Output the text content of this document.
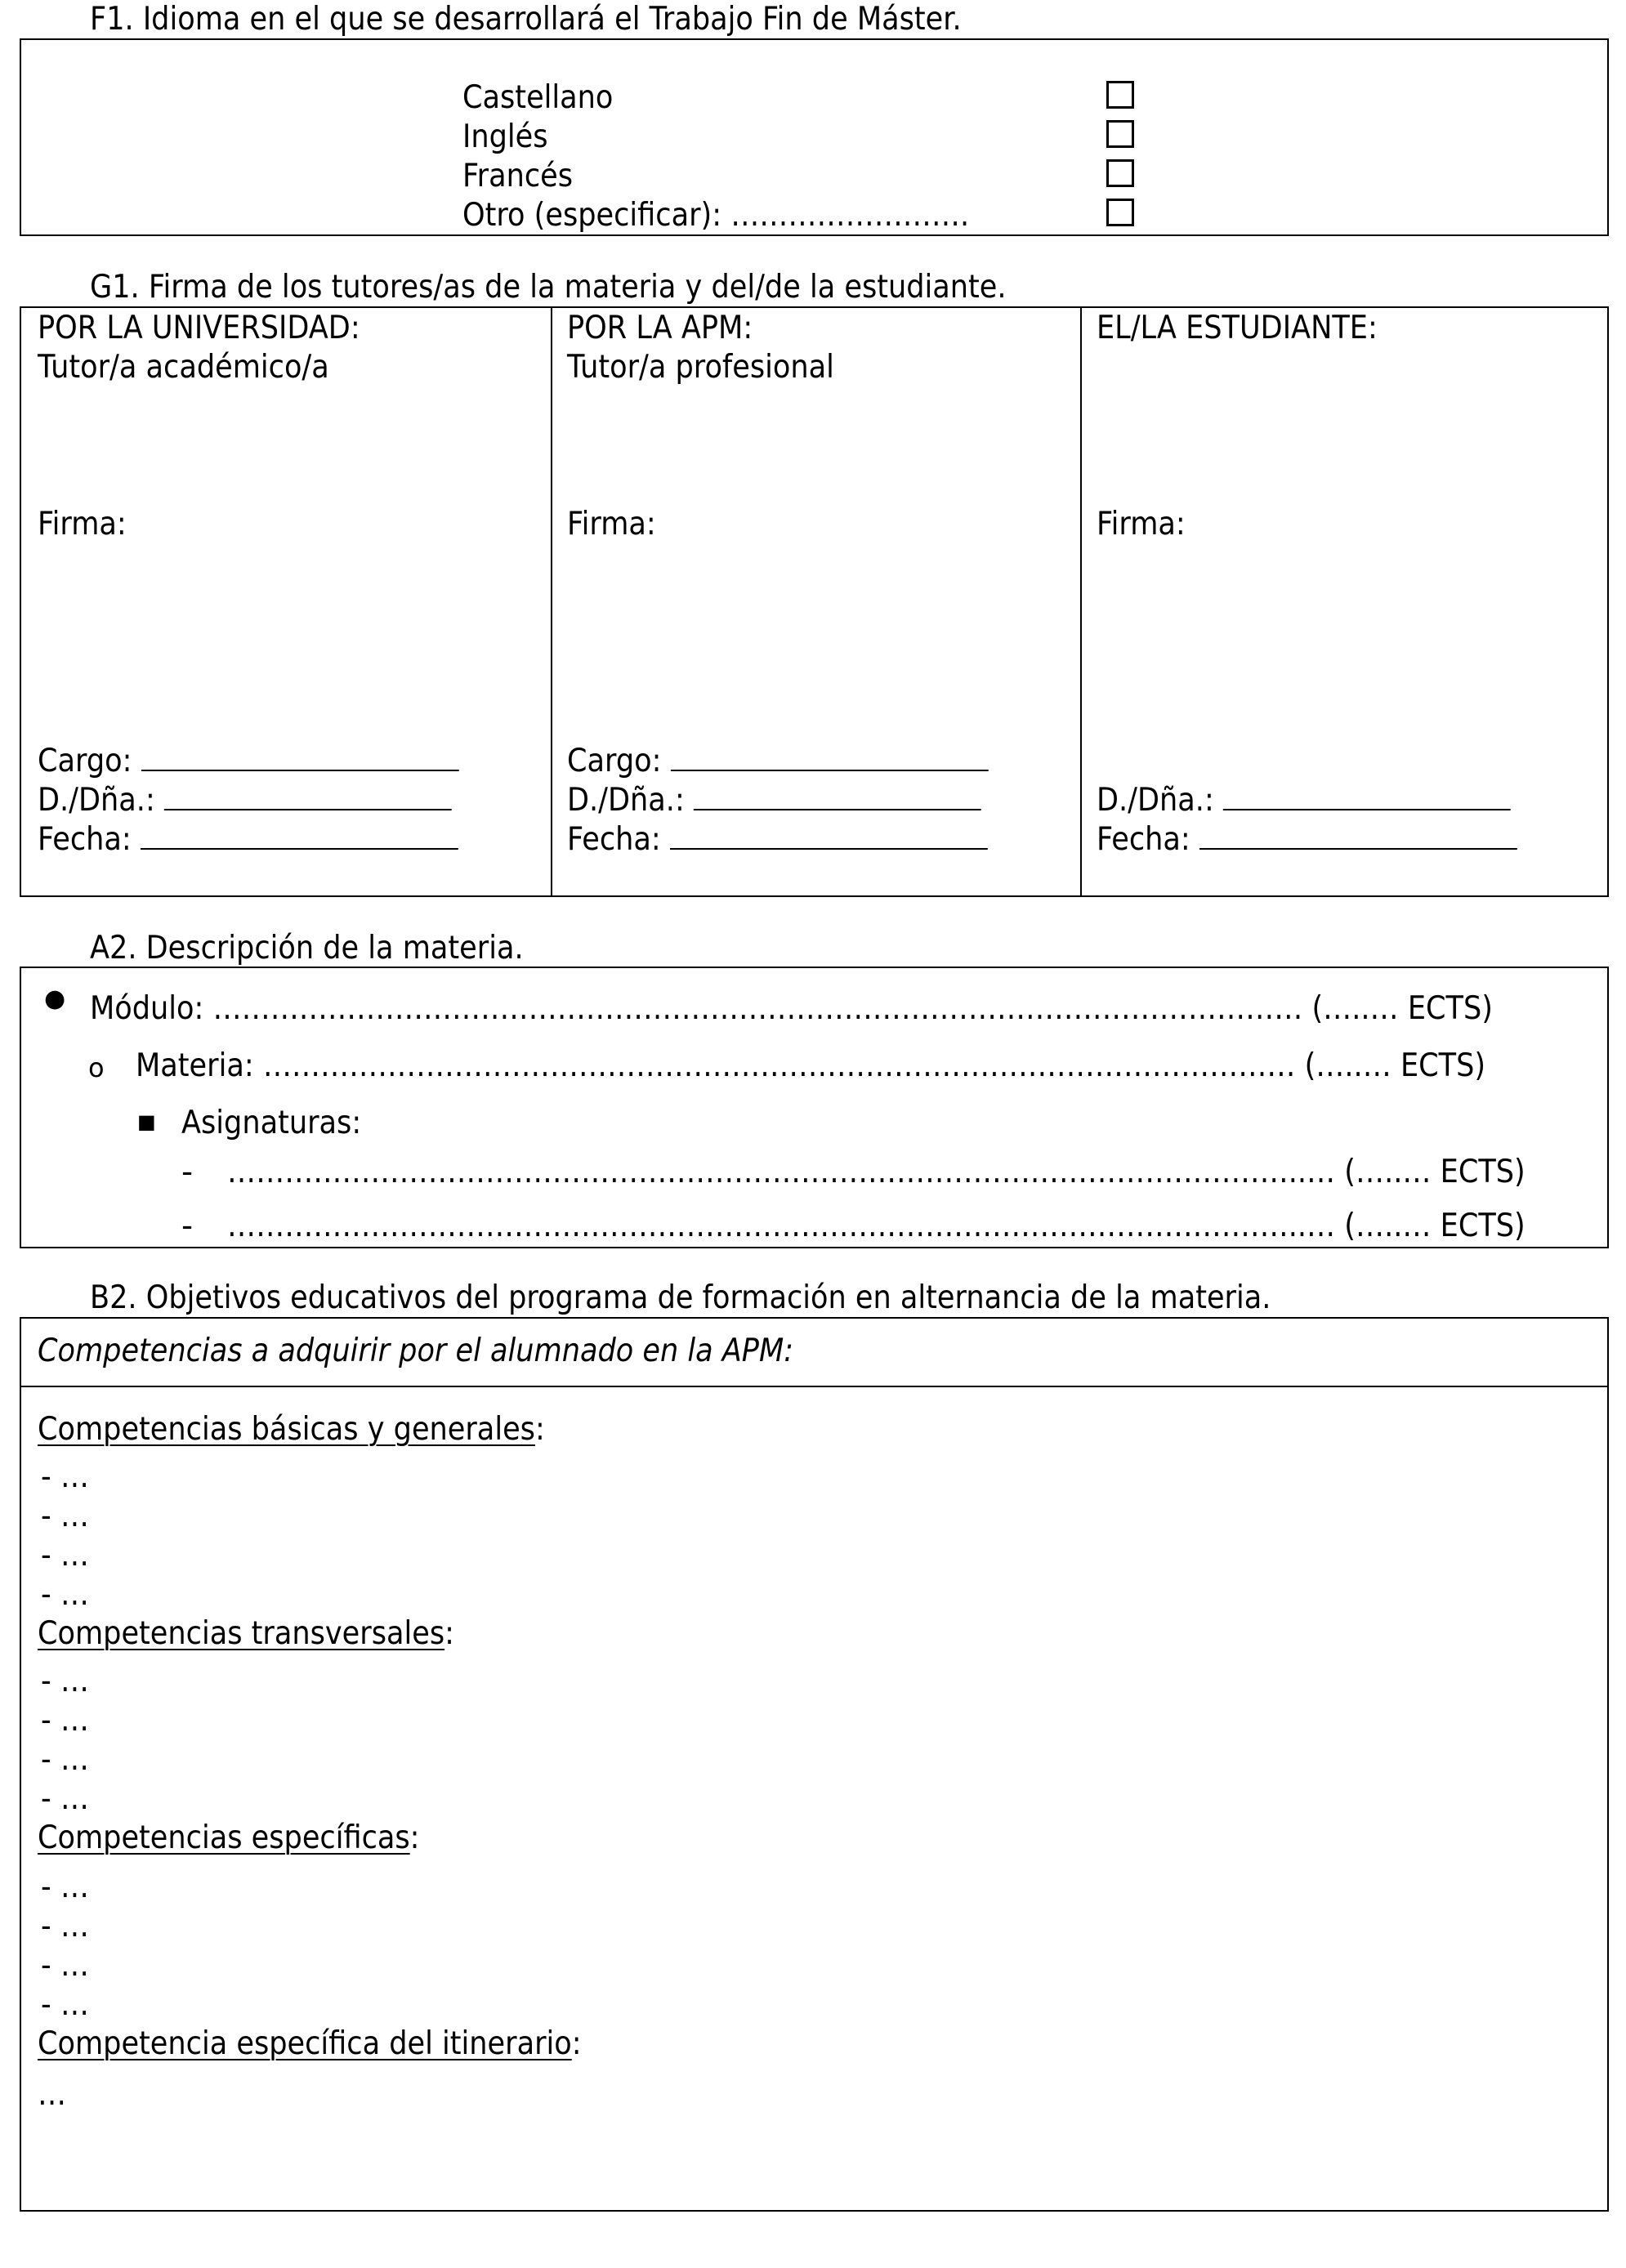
F1. Idioma en el que se desarrollará el Trabajo Fin de Máster.
Castellano
Inglés
Francés
Otro (especificar): …………………….
G1. Firma de los tutores/as de la materia y del/de la estudiante.
POR LA UNIVERSIDAD:
Tutor/a académico/a
Firma:
Cargo:
D./Dña.:
Fecha:
POR LA APM:
Tutor/a profesional
Firma:
Cargo:
D./Dña.:
Fecha:
EL/LA ESTUDIANTE:
Firma:
D./Dña.:
Fecha:
A2. Descripción de la materia.
● Módulo: …………………………………………………………………………………………………… (…..… ECTS)
o Materia: ……………………………………………………………………………………………… (…..… ECTS)
■ Asignaturas:
- …………………………………………………………………………………………………..… (…..… ECTS)
- …………………………………………………………………………………………………..… (…..… ECTS)
B2. Objetivos educativos del programa de formación en alternancia de la materia.
Competencias a adquirir por el alumnado en la APM:
Competencias básicas y generales:
- …
- …
- …
- …
Competencias transversales:
- …
- …
- …
- …
Competencias específicas:
- …
- …
- …
- …
Competencia específica del itinerario:
…
